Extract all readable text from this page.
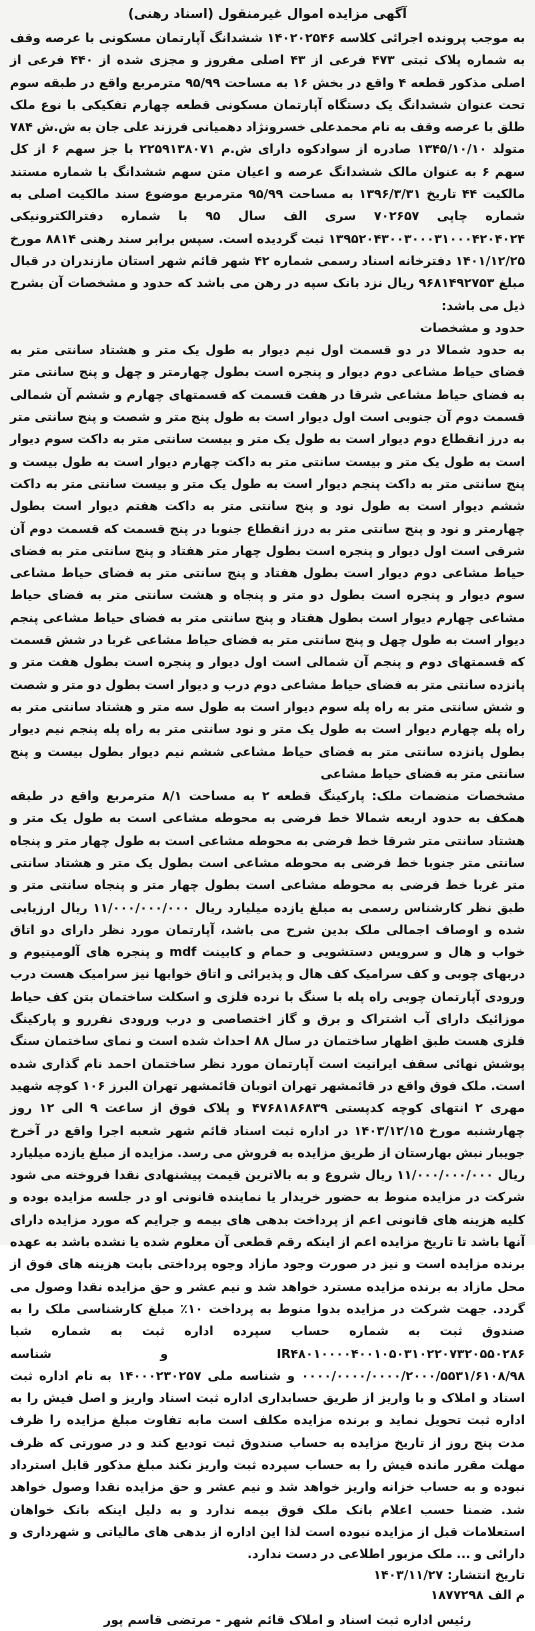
آگهی مزایده اموال غیرمنقول (اسناد رهنی)

به موجب پرونده اجرائی کلاسه ۱۴۰۲۰۲۵۴۶ ششدانگ آپارتمان مسکونی با عرصه وقف به شماره پلاک ثبتی ۴۷۳ فرعی از ۴۳ اصلی مفروز و مجزی شده از ۴۴۰ فرعی از اصلی مذکور قطعه ۴ واقع در بخش ۱۶ به مساحت ۹۵/۹۹ مترمربع واقع در طبقه سوم تحت عنوان ششدانگ یک دستگاه آپارتمان مسکونی قطعه چهارم تفکیکی با نوع ملک طلق با عرصه وقف به نام محمدعلی خسرونژاد دهمیانی فرزند علی جان به ش.ش ۷۸۴ متولد ۱۳۴۵/۱۰/۱۰ صادره از سوادکوه دارای ش.م ۲۲۵۹۱۳۸۰۷۱ با جز سهم ۶ از کل سهم ۶ به عنوان مالک ششدانگ عرصه و اعیان متن سهم ششدانگ با شماره مستند مالکیت ۴۴ تاریخ ۱۳۹۶/۳/۳۱ به مساحت ۹۵/۹۹ مترمربع موضوع سند مالکیت اصلی به شماره چاپی ۷۰۲۶۵۷ سری الف سال ۹۵ با شماره دفترالکترونیکی ۱۳۹۵۲۰۴۳۰۰۳۰۰۰۳۱۰۰۰۴۲۰۴۰۲۴ ثبت گردیده است. سپس برابر سند رهنی ۸۸۱۴ مورخ ۱۴۰۱/۱۲/۲۵ دفترخانه اسناد رسمی شماره ۴۲ شهر قائم شهر استان مازندران در قبال مبلغ ۹۶۸۱۴۹۲۷۵۳ ریال نزد بانک سپه در رهن می باشد که حدود و مشخصات آن بشرح ذیل می باشد:

حدود و مشخصات

به حدود شمالا در دو قسمت اول نیم دیوار به طول یک متر و هشتاد سانتی متر به فضای حیاط مشاعی دوم دیوار و پنجره است بطول چهارمتر و چهل و پنج سانتی متر به فضای حیاط مشاعی شرقا در هفت قسمت که قسمتهای چهارم و ششم آن شمالی قسمت دوم آن جنوبی است اول دیوار است به طول پنج متر و شصت و پنج سانتی متر به درز انقطاع دوم دیوار است به طول یک متر و بیست سانتی متر به داکت سوم دیوار است به طول یک متر و بیست سانتی متر به داکت چهارم دیوار است به طول بیست و پنج سانتی متر به داکت پنجم دیوار است به طول یک متر و بیست سانتی متر به داکت ششم دیوار است به طول نود و پنج سانتی متر به داکت هفتم دیوار است بطول چهارمتر و نود و پنج سانتی متر به درز انقطاع جنوبا در پنج قسمت که قسمت دوم آن شرقی است اول دیوار و پنجره است بطول چهار متر هفتاد و پنج سانتی متر به فضای حیاط مشاعی دوم دیوار است بطول هفتاد و پنج سانتی متر به فضای حیاط مشاعی سوم دیوار و پنجره است بطول دو متر و پنجاه و هشت سانتی متر به فضای حیاط مشاعی چهارم دیوار است بطول هفتاد و پنج سانتی متر به فضای حیاط مشاعی پنجم دیوار است به طول چهل و پنج سانتی متر به فضای حیاط مشاعی غربا در شش قسمت که قسمتهای دوم و پنجم آن شمالی است اول دیوار و پنجره است بطول هفت متر و پانزده سانتی متر به فضای حیاط مشاعی دوم درب و دیوار است بطول دو متر و شصت و شش سانتی متر به راه پله سوم دیوار است به طول سه متر و هشتاد سانتی متر به راه پله چهارم دیوار است به طول یک متر و نود سانتی متر به راه پله پنجم نیم دیوار بطول پانزده سانتی متر به فضای حیاط مشاعی ششم نیم دیوار بطول بیست و پنج سانتی متر به فضای حیاط مشاعی

مشخصات منضمات ملک: پارکینگ قطعه ۲ به مساحت ۸/۱ مترمربع واقع در طبقه همکف به حدود اربعه شمالا خط فرضی به محوطه مشاعی است به طول یک متر و هشتاد سانتی متر شرقا خط فرضی به محوطه مشاعی است به طول چهار متر و پنجاه سانتی متر جنوبا خط فرضی به محوطه مشاعی است بطول یک متر و هشتاد سانتی متر غربا خط فرضی به محوطه مشاعی است بطول چهار متر و پنجاه سانتی متر و طبق نظر کارشناس رسمی به مبلغ یازده میلیارد ریال ۱۱/۰۰۰/۰۰۰/۰۰۰ ریال ارزیابی شده و اوصاف اجمالی ملک بدین شرح می باشد، آپارتمان مورد نظر دارای دو اتاق خواب و هال و سرویس دستشویی و حمام و کابینت mdf و پنجره های آلومینیوم و دربهای چوبی و کف سرامیک کف هال و پذیرائی و اتاق خوابها نیز سرامیک هست درب ورودی آپارتمان چوبی راه پله با سنگ با نرده فلزی و اسکلت ساختمان بتن کف حیاط موزائیک دارای آب اشتراک و برق و گاز اختصاصی و درب ورودی نفررو و پارکینگ فلزی هست طبق اظهار ساختمان در سال ۸۸ احداث شده است و نمای ساختمان سنگ پوشش نهائی سقف ایرانیت است آپارتمان مورد نظر ساختمان احمد نام گذاری شده است. ملک فوق واقع در قائمشهر تهران اتوبان قائمشهر تهران البرز ۱۰۶ کوچه شهید مهری ۲ انتهای کوچه کدپستی ۴۷۶۸۱۸۶۸۳۹ و پلاک فوق از ساعت ۹ الی ۱۲ روز چهارشنبه مورخ ۱۴۰۳/۱۲/۱۵ در اداره ثبت اسناد قائم شهر شعبه اجرا واقع در آخرخ جویبار نبش بهارستان از طریق مزایده به فروش می رسد. مزایده از مبلغ یازده میلیارد ریال ۱۱/۰۰۰/۰۰۰/۰۰۰ ریال شروع و به بالاترین قیمت پیشنهادی نقدا فروخته می شود شرکت در مزایده منوط به حضور خریدار یا نماینده قانونی او در جلسه مزایده بوده و کلیه هزینه های قانونی اعم از پرداخت بدهی های بیمه و جرایم که مورد مزایده دارای آنها باشد تا تاریخ مزایده اعم از اینکه رقم قطعی آن معلوم شده یا نشده باشد به عهده برنده مزایده است و نیز در صورت وجود مازاد وجوه پرداختی بابت هزینه های فوق از محل مازاد به برنده مزایده مسترد خواهد شد و نیم عشر و حق مزایده نقدا وصول می گردد. جهت شرکت در مزایده بدوا منوط به پرداخت ۱۰٪ مبلغ کارشناسی ملک را به صندوق ثبت به شماره حساب سپرده اداره ثبت به شماره شبا IR۴۸۰۱۰۰۰۰۴۰۰۱۰۵۰۳۱۰۲۲۰۷۳۲۰۵۵۰۲۸۶ و شناسه ۰۰۰۰/۰۰۰۰/۰۰۰۰/۲۰۰۰/۵۵۳۱/۶۱۰۸/۹۸ و شناسه ملی ۱۴۰۰۰۲۳۰۲۵۷ به نام اداره ثبت اسناد و املاک و با واریز از طریق حسابداری اداره ثبت اسناد واریز و اصل فیش را به اداره ثبت تحویل نماید و برنده مزایده مکلف است مابه تفاوت مبلغ مزایده را ظرف مدت پنج روز از تاریخ مزایده به حساب صندوق ثبت تودیع کند و در صورتی که ظرف مهلت مقرر مانده فیش را به حساب سپرده ثبت واریز نکند مبلغ مذکور قابل استرداد نبوده و به حساب خزانه واریز خواهد شد و نیم عشر و حق مزایده نقدا وصول خواهد شد. ضمنا حسب اعلام بانک ملک فوق بیمه ندارد و به دلیل اینکه بانک خواهان استعلامات قبل از مزایده نبوده است لذا این اداره از بدهی های مالیاتی و شهرداری و دارائی و ... ملک مزبور اطلاعی در دست ندارد.

تاریخ انتشار: ۱۴۰۳/۱۱/۲۷
م الف ۱۸۷۷۲۹۸
رئیس اداره ثبت اسناد و املاک قائم شهر - مرتضی قاسم پور
